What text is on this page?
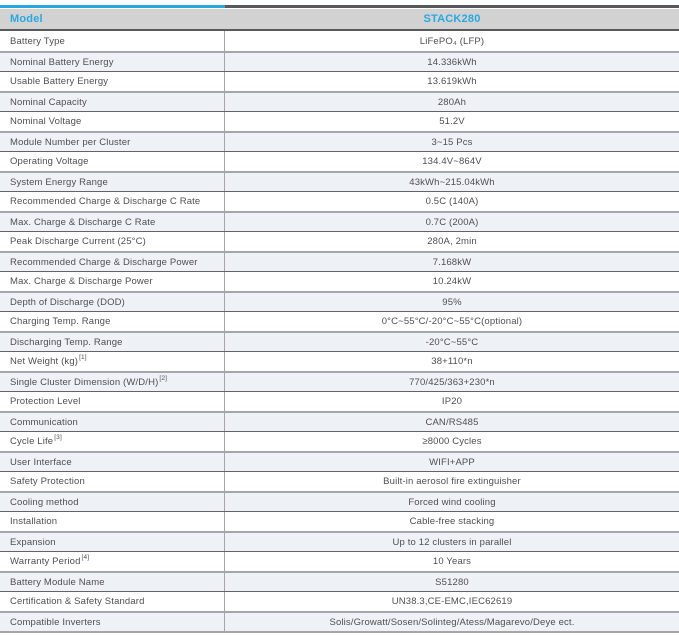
Model	STACK280
Battery Type	LiFePO₄ (LFP)
Nominal Battery Energy	14.336kWh
Usable Battery Energy	13.619kWh
Nominal Capacity	280Ah
Nominal Voltage	51.2V
Module Number per Cluster	3~15 Pcs
Operating Voltage	134.4V~864V
System Energy Range	43kWh~215.04kWh
Recommended Charge & Discharge C Rate	0.5C (140A)
Max. Charge & Discharge C Rate	0.7C (200A)
Peak Discharge Current (25°C)	280A, 2min
Recommended Charge & Discharge Power	7.168kW
Max. Charge & Discharge Power	10.24kW
Depth of Discharge (DOD)	95%
Charging Temp. Range	0°C~55°C/-20°C~55°C(optional)
Discharging Temp. Range	-20°C~55°C
Net Weight (kg)[1]	38+110*n
Single Cluster Dimension (W/D/H)[2]	770/425/363+230*n
Protection Level	IP20
Communication	CAN/RS485
Cycle Life[3]	≥8000 Cycles
User Interface	WIFI+APP
Safety Protection	Built-in aerosol fire extinguisher
Cooling method	Forced wind cooling
Installation	Cable-free stacking
Expansion	Up to 12 clusters in parallel
Warranty Period[4]	10 Years
Battery Module Name	S51280
Certification & Safety Standard	UN38.3,CE-EMC,IEC62619
Compatible Inverters	Solis/Growatt/Sosen/Solinteg/Atess/Magarevo/Deye ect.
